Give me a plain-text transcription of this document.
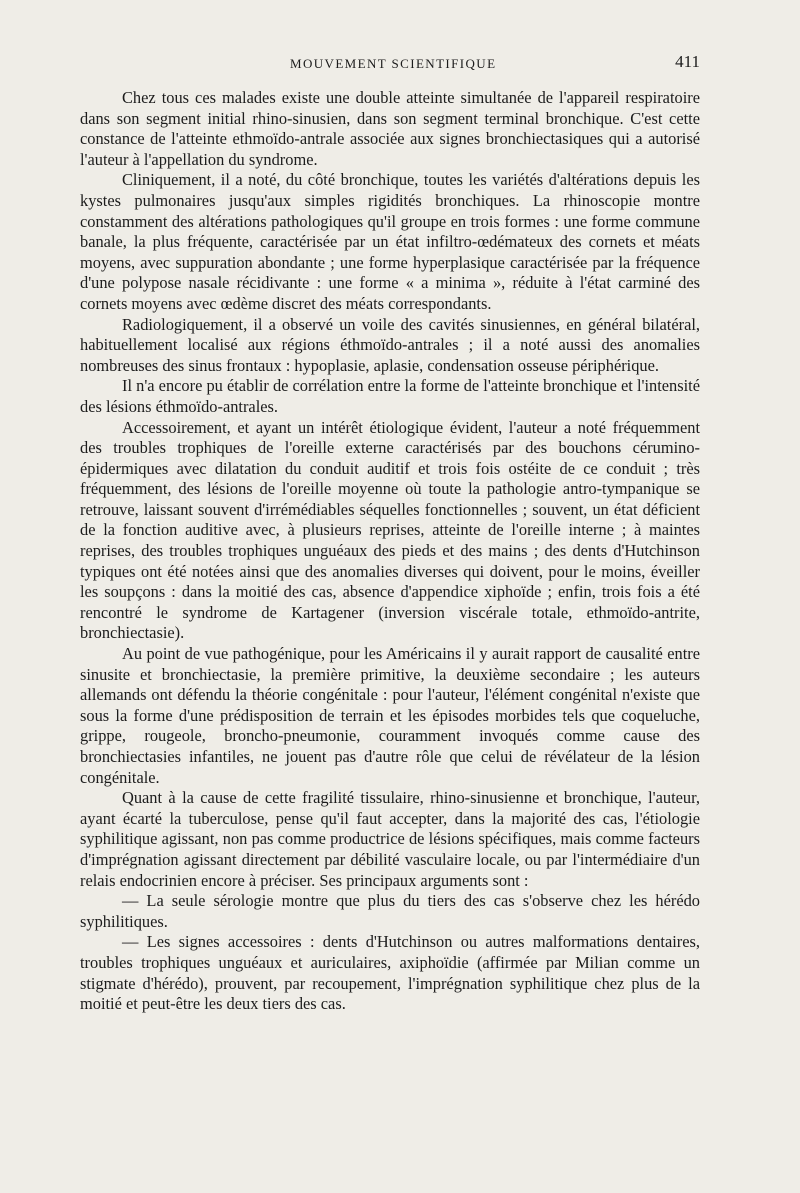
MOUVEMENT SCIENTIFIQUE	411

Chez tous ces malades existe une double atteinte simultanée de l'appareil respiratoire dans son segment initial rhino-sinusien, dans son segment terminal bronchique. C'est cette constance de l'atteinte ethmoïdo-antrale associée aux signes bronchiectasiques qui a autorisé l'auteur à l'appellation du syndrome.

Cliniquement, il a noté, du côté bronchique, toutes les variétés d'altérations depuis les kystes pulmonaires jusqu'aux simples rigidités bronchiques. La rhinoscopie montre constamment des altérations pathologiques qu'il groupe en trois formes : une forme commune banale, la plus fréquente, caractérisée par un état infiltro-œdémateux des cornets et méats moyens, avec suppuration abondante ; une forme hyperplasique caractérisée par la fréquence d'une polypose nasale récidivante : une forme « a minima », réduite à l'état carminé des cornets moyens avec œdème discret des méats correspondants.

Radiologiquement, il a observé un voile des cavités sinusiennes, en général bilatéral, habituellement localisé aux régions éthmoïdo-antrales ; il a noté aussi des anomalies nombreuses des sinus frontaux : hypoplasie, aplasie, condensation osseuse périphérique.

Il n'a encore pu établir de corrélation entre la forme de l'atteinte bronchique et l'intensité des lésions éthmoïdo-antrales.

Accessoirement, et ayant un intérêt étiologique évident, l'auteur a noté fréquemment des troubles trophiques de l'oreille externe caractérisés par des bouchons cérumino-épidermiques avec dilatation du conduit auditif et trois fois ostéite de ce conduit ; très fréquemment, des lésions de l'oreille moyenne où toute la pathologie antro-tympanique se retrouve, laissant souvent d'irrémédiables séquelles fonctionnelles ; souvent, un état déficient de la fonction auditive avec, à plusieurs reprises, atteinte de l'oreille interne ; à maintes reprises, des troubles trophiques unguéaux des pieds et des mains ; des dents d'Hutchinson typiques ont été notées ainsi que des anomalies diverses qui doivent, pour le moins, éveiller les soupçons : dans la moitié des cas, absence d'appendice xiphoïde ; enfin, trois fois a été rencontré le syndrome de Kartagener (inversion viscérale totale, ethmoïdo-antrite, bronchiectasie).

Au point de vue pathogénique, pour les Américains il y aurait rapport de causalité entre sinusite et bronchiectasie, la première primitive, la deuxième secondaire ; les auteurs allemands ont défendu la théorie congénitale : pour l'auteur, l'élément congénital n'existe que sous la forme d'une prédisposition de terrain et les épisodes morbides tels que coqueluche, grippe, rougeole, broncho-pneumonie, couramment invoqués comme cause des bronchiectasies infantiles, ne jouent pas d'autre rôle que celui de révélateur de la lésion congénitale.

Quant à la cause de cette fragilité tissulaire, rhino-sinusienne et bronchique, l'auteur, ayant écarté la tuberculose, pense qu'il faut accepter, dans la majorité des cas, l'étiologie syphilitique agissant, non pas comme productrice de lésions spécifiques, mais comme facteurs d'imprégnation agissant directement par débilité vasculaire locale, ou par l'intermédiaire d'un relais endocrinien encore à préciser. Ses principaux arguments sont :

— La seule sérologie montre que plus du tiers des cas s'observe chez les hérédo syphilitiques.

— Les signes accessoires : dents d'Hutchinson ou autres malformations dentaires, troubles trophiques unguéaux et auriculaires, axiphoïdie (affirmée par Milian comme un stigmate d'hérédo), prouvent, par recoupement, l'imprégnation syphilitique chez plus de la moitié et peut-être les deux tiers des cas.
